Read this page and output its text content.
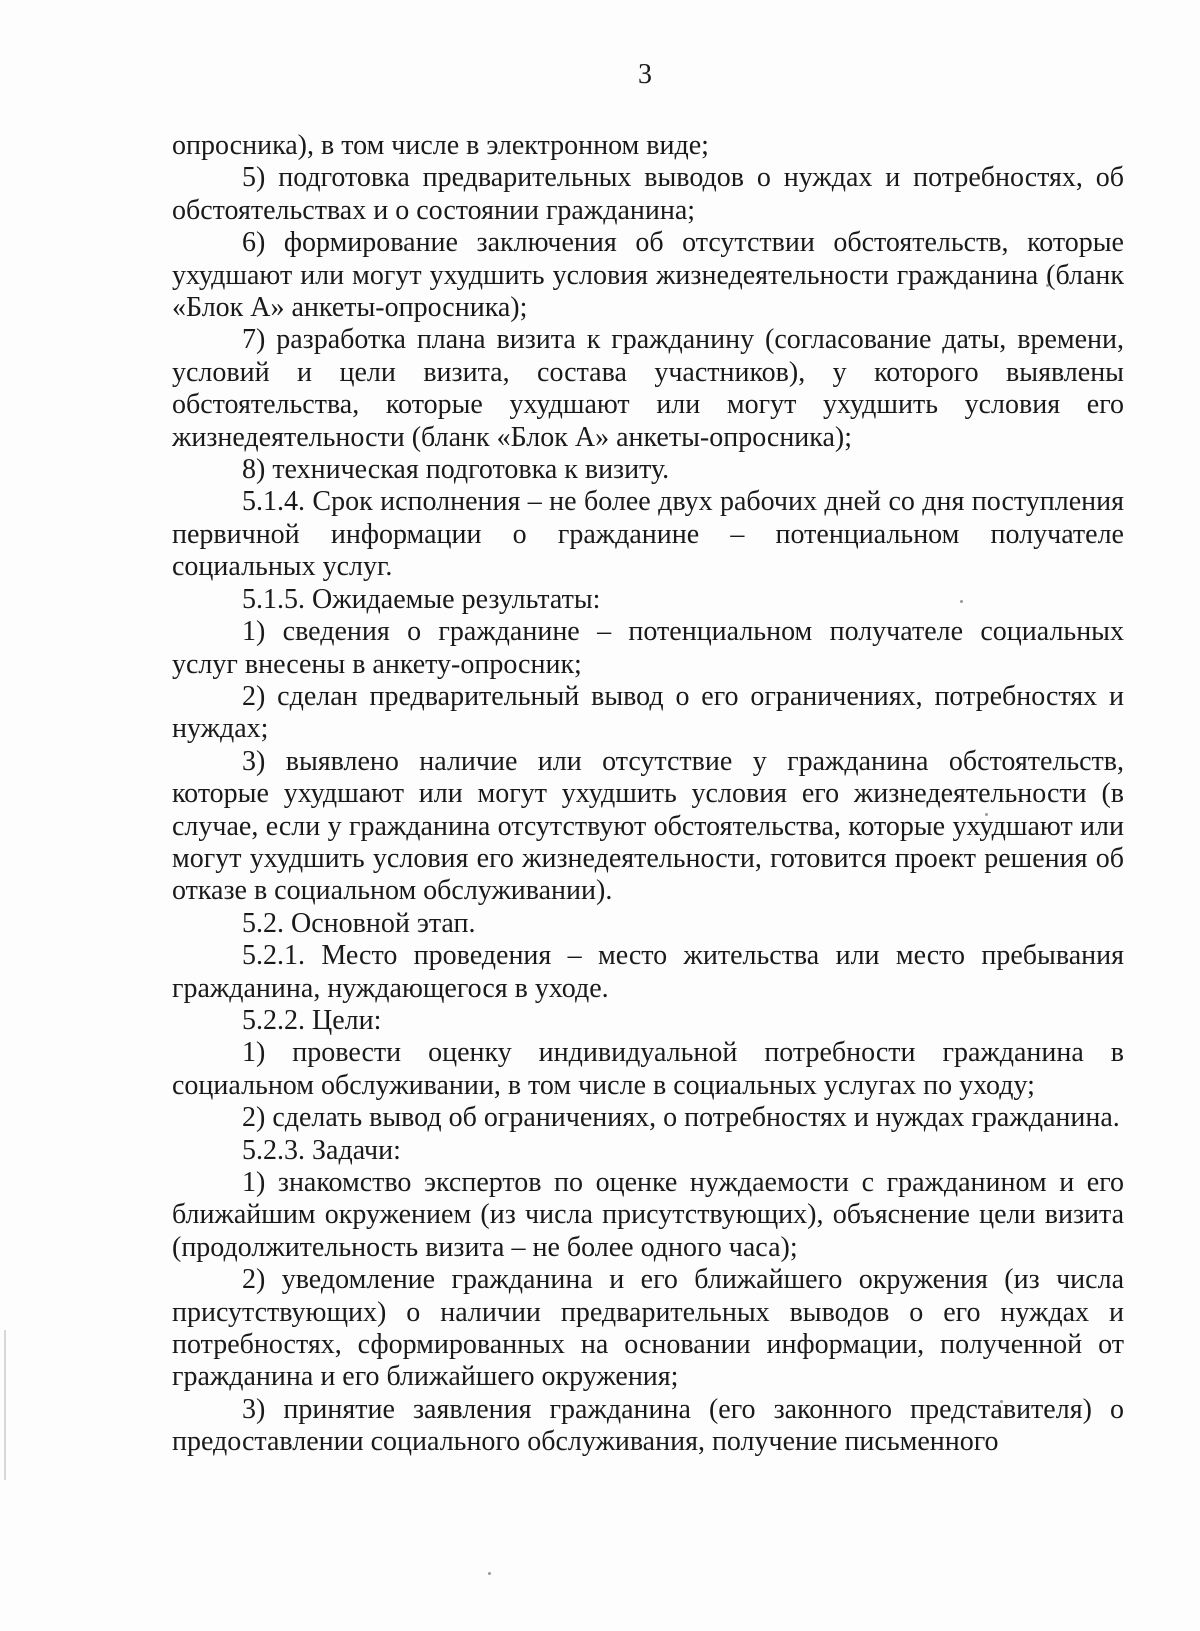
3

опросника), в том числе в электронном виде;

5) подготовка предварительных выводов о нуждах и потребностях, об обстоятельствах и о состоянии гражданина;

6) формирование заключения об отсутствии обстоятельств, которые ухудшают или могут ухудшить условия жизнедеятельности гражданина (бланк «Блок А» анкеты-опросника);

7) разработка плана визита к гражданину (согласование даты, времени, условий и цели визита, состава участников), у которого выявлены обстоятельства, которые ухудшают или могут ухудшить условия его жизнедеятельности (бланк «Блок А» анкеты-опросника);

8) техническая подготовка к визиту.

5.1.4. Срок исполнения – не более двух рабочих дней со дня поступления первичной информации о гражданине – потенциальном получателе социальных услуг.

5.1.5. Ожидаемые результаты:

1) сведения о гражданине – потенциальном получателе социальных услуг внесены в анкету-опросник;

2) сделан предварительный вывод о его ограничениях, потребностях и нуждах;

3) выявлено наличие или отсутствие у гражданина обстоятельств, которые ухудшают или могут ухудшить условия его жизнедеятельности (в случае, если у гражданина отсутствуют обстоятельства, которые ухудшают или могут ухудшить условия его жизнедеятельности, готовится проект решения об отказе в социальном обслуживании).

5.2. Основной этап.

5.2.1. Место проведения – место жительства или место пребывания гражданина, нуждающегося в уходе.

5.2.2. Цели:

1) провести оценку индивидуальной потребности гражданина в социальном обслуживании, в том числе в социальных услугах по уходу;

2) сделать вывод об ограничениях, о потребностях и нуждах гражданина.

5.2.3. Задачи:

1) знакомство экспертов по оценке нуждаемости с гражданином и его ближайшим окружением (из числа присутствующих), объяснение цели визита (продолжительность визита – не более одного часа);

2) уведомление гражданина и его ближайшего окружения (из числа присутствующих) о наличии предварительных выводов о его нуждах и потребностях, сформированных на основании информации, полученной от гражданина и его ближайшего окружения;

3) принятие заявления гражданина (его законного представителя) о предоставлении социального обслуживания, получение письменного
